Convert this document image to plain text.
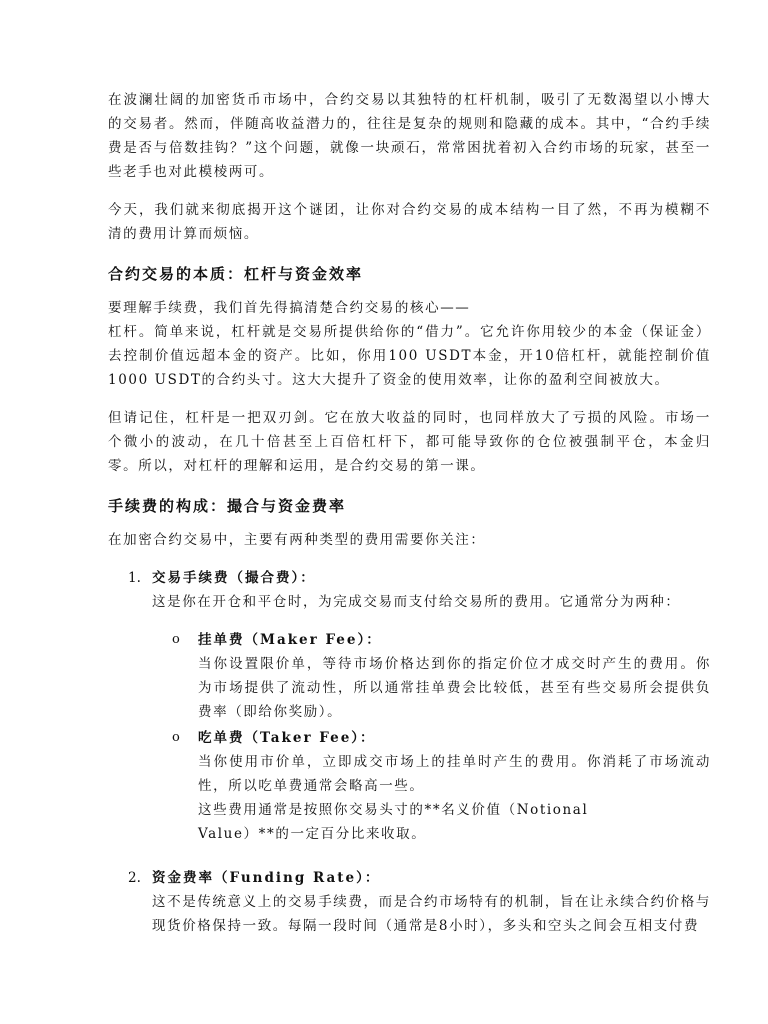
在波澜壮阔的加密货币市场中，合约交易以其独特的杠杆机制，吸引了无数渴望以小博大的交易者。然而，伴随高收益潜力的，往往是复杂的规则和隐藏的成本。其中，“合约手续费是否与倍数挂钩？”这个问题，就像一块顽石，常常困扰着初入合约市场的玩家，甚至一些老手也对此模棱两可。

今天，我们就来彻底揭开这个谜团，让你对合约交易的成本结构一目了然，不再为模糊不清的费用计算而烦恼。

合约交易的本质：杠杆与资金效率

要理解手续费，我们首先得搞清楚合约交易的核心——
杠杆。简单来说，杠杆就是交易所提供给你的“借力”。它允许你用较少的本金（保证金）去控制价值远超本金的资产。比如，你用100 USDT本金，开10倍杠杆，就能控制价值1000 USDT的合约头寸。这大大提升了资金的使用效率，让你的盈利空间被放大。

但请记住，杠杆是一把双刃剑。它在放大收益的同时，也同样放大了亏损的风险。市场一个微小的波动，在几十倍甚至上百倍杠杆下，都可能导致你的仓位被强制平仓，本金归零。所以，对杠杆的理解和运用，是合约交易的第一课。

手续费的构成：撮合与资金费率

在加密合约交易中，主要有两种类型的费用需要你关注：

1. 交易手续费（撮合费）：

这是你在开仓和平仓时，为完成交易而支付给交易所的费用。它通常分为两种：

o 挂单费（Maker Fee）：

当你设置限价单，等待市场价格达到你的指定价位才成交时产生的费用。你为市场提供了流动性，所以通常挂单费会比较低，甚至有些交易所会提供负费率（即给你奖励）。

o 吃单费（Taker Fee）：

当你使用市价单，立即成交市场上的挂单时产生的费用。你消耗了市场流动性，所以吃单费通常会略高一些。

这些费用通常是按照你交易头寸的**名义价值（Notional
Value）**的一定百分比来收取。

2. 资金费率（Funding Rate）：

这不是传统意义上的交易手续费，而是合约市场特有的机制，旨在让永续合约价格与现货价格保持一致。每隔一段时间（通常是8小时），多头和空头之间会互相支付费
